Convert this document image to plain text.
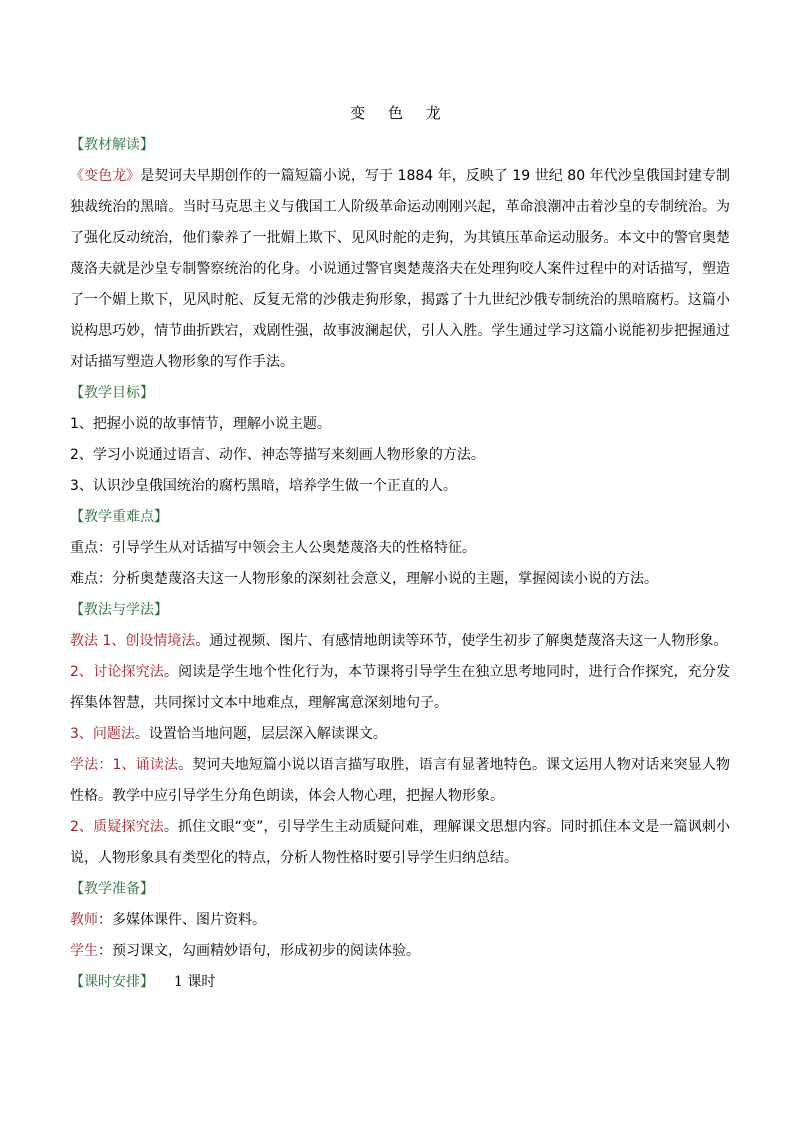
变 色 龙
【教材解读】

《变色龙》是契诃夫早期创作的一篇短篇小说，写于 1884 年，反映了 19 世纪 80 年代沙皇俄国封建专制独裁统治的黑暗。当时马克思主义与俄国工人阶级革命运动刚刚兴起，革命浪潮冲击着沙皇的专制统治。为了强化反动统治，他们豢养了一批媚上欺下、见风时舵的走狗，为其镇压革命运动服务。本文中的警官奥楚蔑洛夫就是沙皇专制警察统治的化身。小说通过警官奥楚蔑洛夫在处理狗咬人案件过程中的对话描写，塑造了一个媚上欺下，见风时舵、反复无常的沙俄走狗形象，揭露了十九世纪沙俄专制统治的黑暗腐朽。这篇小说构思巧妙，情节曲折跌宕，戏剧性强，故事波澜起伏，引人入胜。学生通过学习这篇小说能初步把握通过对话描写塑造人物形象的写作手法。

【教学目标】

1、把握小说的故事情节，理解小说主题。

2、学习小说通过语言、动作、神态等描写来刻画人物形象的方法。

3、认识沙皇俄国统治的腐朽黑暗，培养学生做一个正直的人。

【教学重难点】

重点：引导学生从对话描写中领会主人公奥楚蔑洛夫的性格特征。

难点：分析奥楚蔑洛夫这一人物形象的深刻社会意义，理解小说的主题，掌握阅读小说的方法。

【教法与学法】

教法 1、创设情境法。通过视频、图片、有感情地朗读等环节，使学生初步了解奥楚蔑洛夫这一人物形象。

2、讨论探究法。阅读是学生地个性化行为，本节课将引导学生在独立思考地同时，进行合作探究，充分发挥集体智慧，共同探讨文本中地难点，理解寓意深刻地句子。

3、问题法。设置恰当地问题，层层深入解读课文。

学法：1、诵读法。契诃夫地短篇小说以语言描写取胜，语言有显著地特色。课文运用人物对话来突显人物性格。教学中应引导学生分角色朗读，体会人物心理，把握人物形象。

2、质疑探究法。抓住文眼“变”，引导学生主动质疑问难，理解课文思想内容。同时抓住本文是一篇讽刺小说，人物形象具有类型化的特点，分析人物性格时要引导学生归纳总结。

【教学准备】

教师：多媒体课件、图片资料。

学生：预习课文，勾画精妙语句，形成初步的阅读体验。

【课时安排】 1 课时
